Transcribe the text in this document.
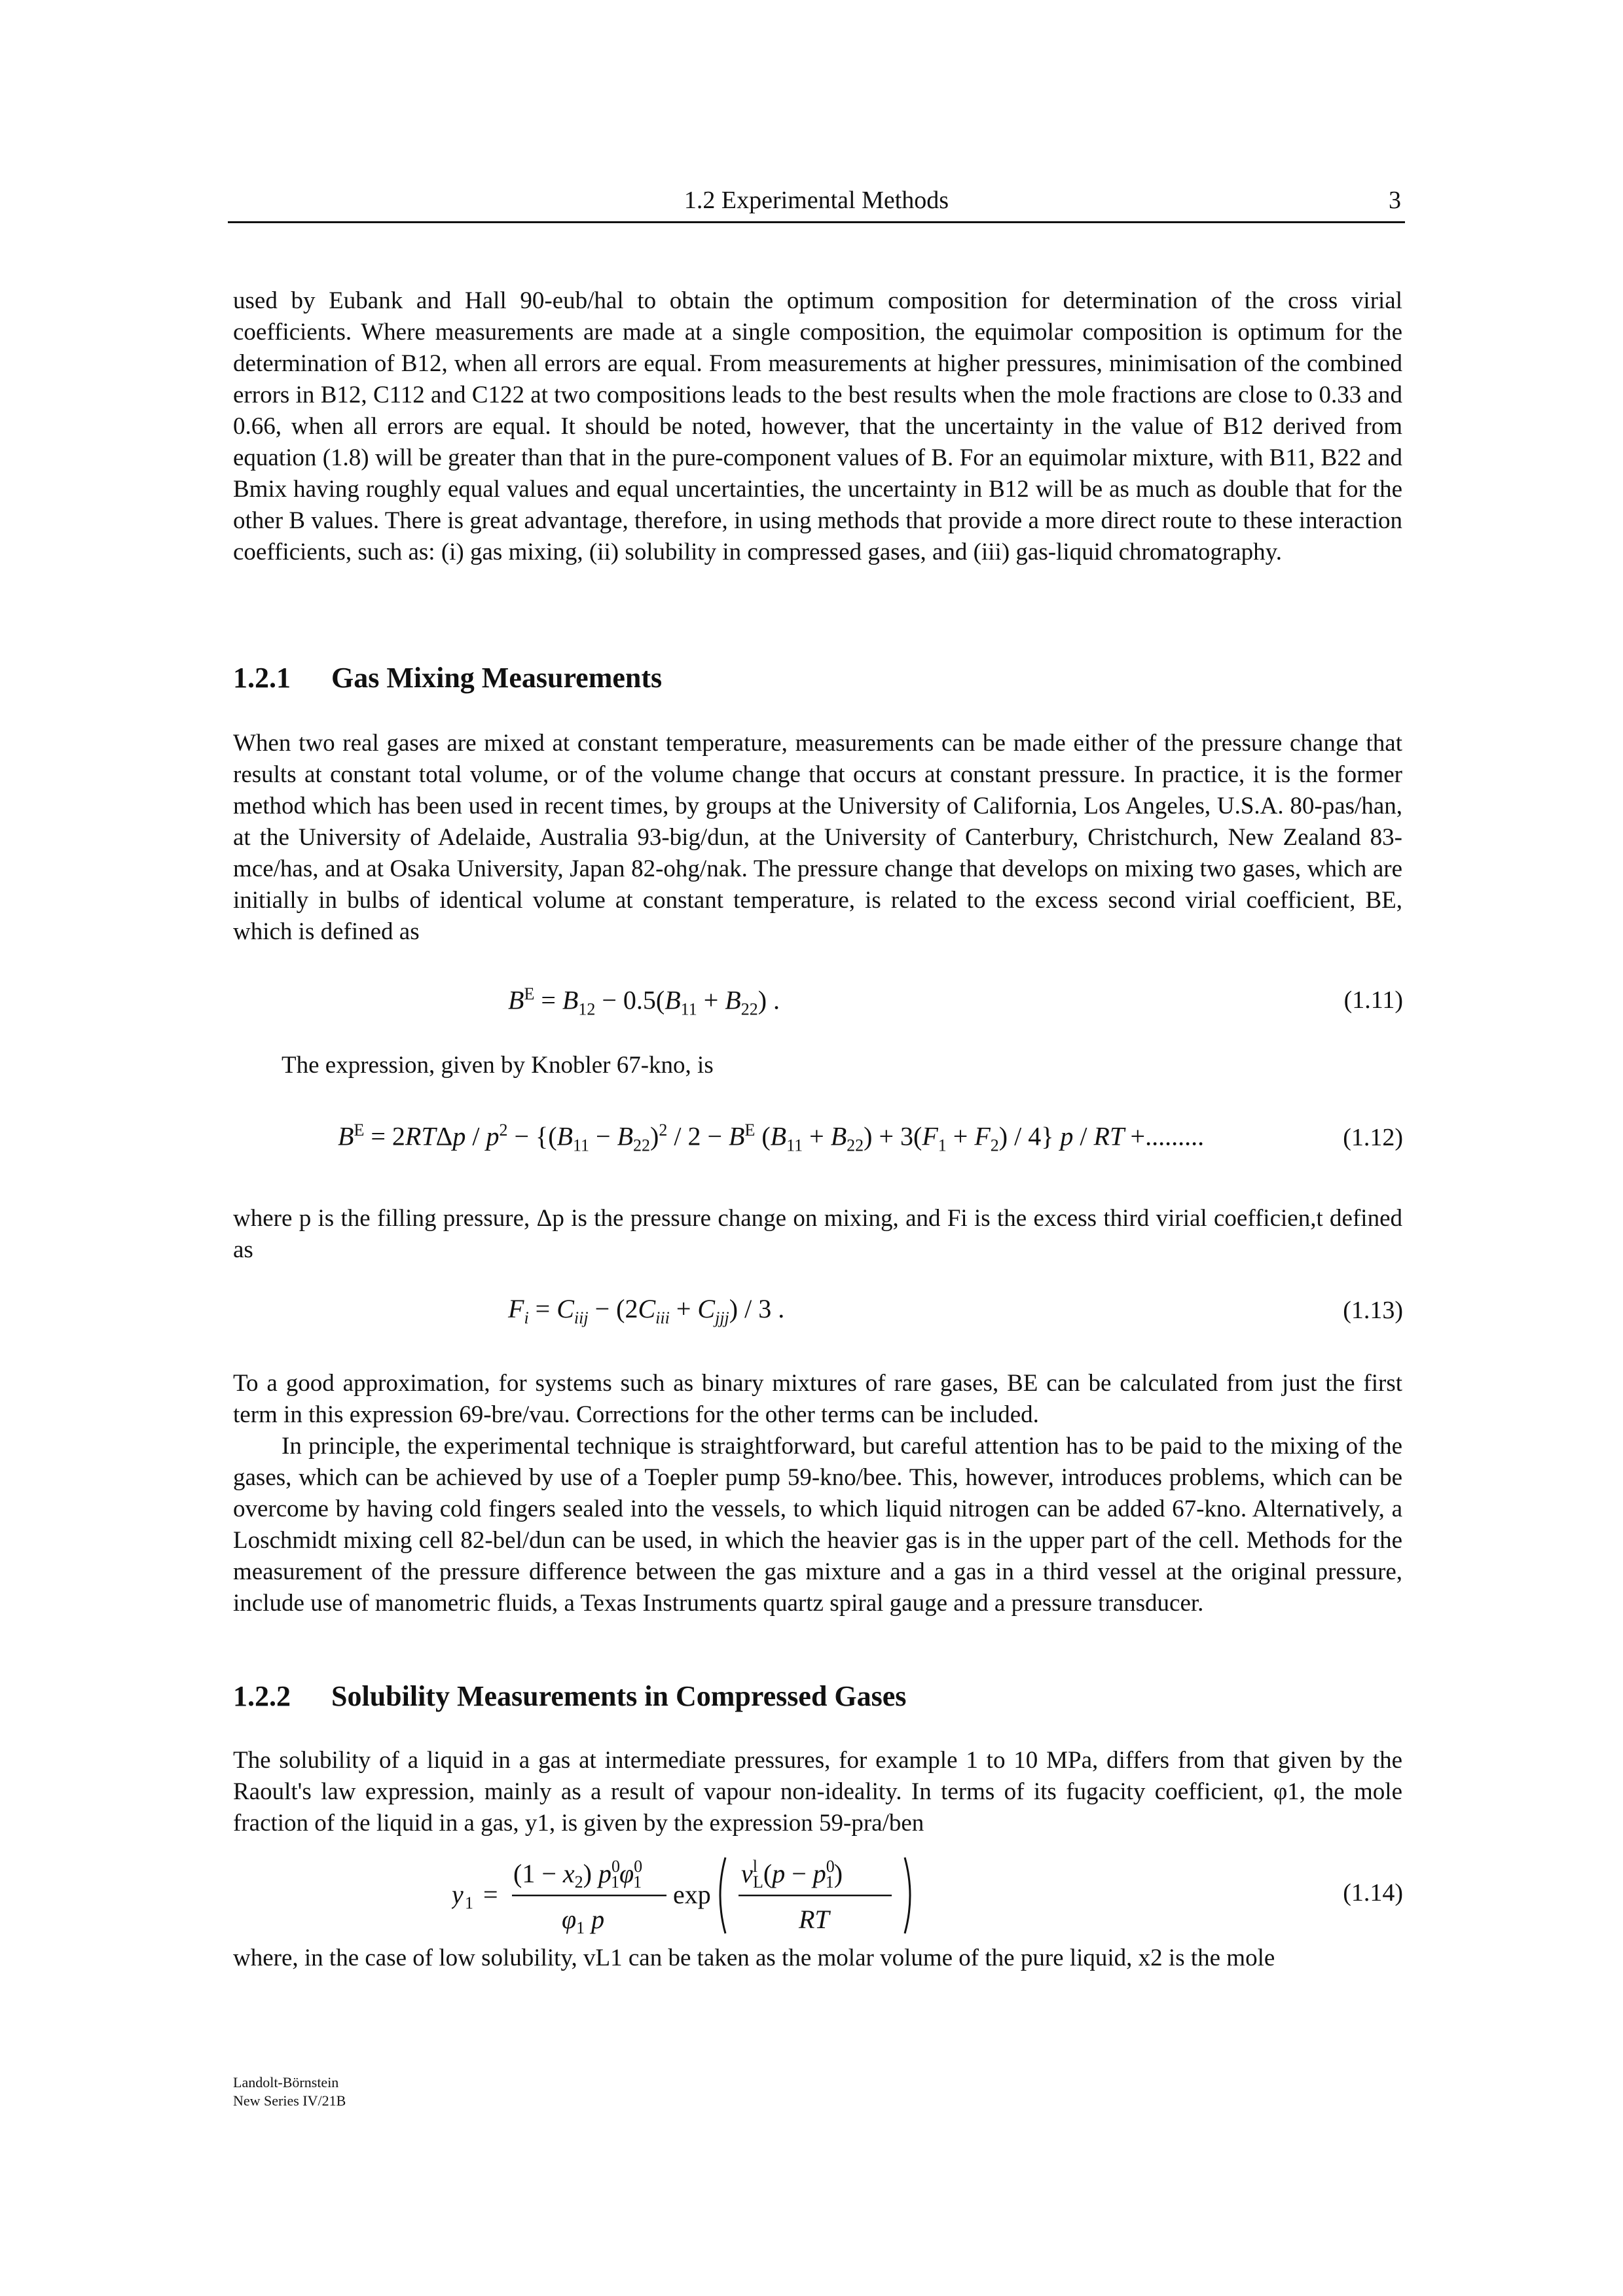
1.2 Experimental Methods	3

used by Eubank and Hall 90-eub/hal to obtain the optimum composition for determination of the cross virial coefficients. Where measurements are made at a single composition, the equimolar composition is optimum for the determination of B12, when all errors are equal. From measurements at higher pressures, minimisation of the combined errors in B12, C112 and C122 at two compositions leads to the best results when the mole fractions are close to 0.33 and 0.66, when all errors are equal. It should be noted, however, that the uncertainty in the value of B12 derived from equation (1.8) will be greater than that in the pure-component values of B. For an equimolar mixture, with B11, B22 and Bmix having roughly equal values and equal uncertainties, the uncertainty in B12 will be as much as double that for the other B values. There is great advantage, therefore, in using methods that provide a more direct route to these interaction coefficients, such as: (i) gas mixing, (ii) solubility in compressed gases, and (iii) gas-liquid chromatography.

1.2.1 Gas Mixing Measurements

When two real gases are mixed at constant temperature, measurements can be made either of the pressure change that results at constant total volume, or of the volume change that occurs at constant pressure. In practice, it is the former method which has been used in recent times, by groups at the University of California, Los Angeles, U.S.A. 80-pas/han, at the University of Adelaide, Australia 93-big/dun, at the University of Canterbury, Christchurch, New Zealand 83-mce/has, and at Osaka University, Japan 82-ohg/nak. The pressure change that develops on mixing two gases, which are initially in bulbs of identical volume at constant temperature, is related to the excess second virial coefficient, BE, which is defined as

$B^E = B_{12} - 0.5(B_{11} + B_{22})$ .	(1.11)

The expression, given by Knobler 67-kno, is

$B^E = 2RT\Delta p / p^2 - \{(B_{11} - B_{22})^2 / 2 - B^E$ $(B_{11} + B_{22}) + 3(F_1 + F_2) / 4$} p / RT +.........	(1.12)

where p is the filling pressure, Δp is the pressure change on mixing, and Fi is the excess third virial coefficien,t defined as

$F_i = C_{iij} - (2C_{iii} + C_{jjj}) / 3$ .	(1.13)

To a good approximation, for systems such as binary mixtures of rare gases, BE can be calculated from just the first term in this expression 69-bre/vau. Corrections for the other terms can be included.

In principle, the experimental technique is straightforward, but careful attention has to be paid to the mixing of the gases, which can be achieved by use of a Toepler pump 59-kno/bee. This, however, introduces problems, which can be overcome by having cold fingers sealed into the vessels, to which liquid nitrogen can be added 67-kno. Alternatively, a Loschmidt mixing cell 82-bel/dun can be used, in which the heavier gas is in the upper part of the cell. Methods for the measurement of the pressure difference between the gas mixture and a gas in a third vessel at the original pressure, include use of manometric fluids, a Texas Instruments quartz spiral gauge and a pressure transducer.

1.2.2 Solubility Measurements in Compressed Gases

The solubility of a liquid in a gas at intermediate pressures, for example 1 to 10 MPa, differs from that given by the Raoult's law expression, mainly as a result of vapour non-ideality. In terms of its fugacity coefficient, φ1, the mole fraction of the liquid in a gas, y1, is given by the expression 59-pra/ben

y 1 =
$(1 - x_2)$ $p^0$ $1\varphi^0$ 1
$\varphi_1$ p
exp
$v^l$ $L(p - p^0$ 1)
RT
(1.14)

where, in the case of low solubility, vL1 can be taken as the molar volume of the pure liquid, x2 is the mole

Landolt-Börnstein
New Series IV/21B
